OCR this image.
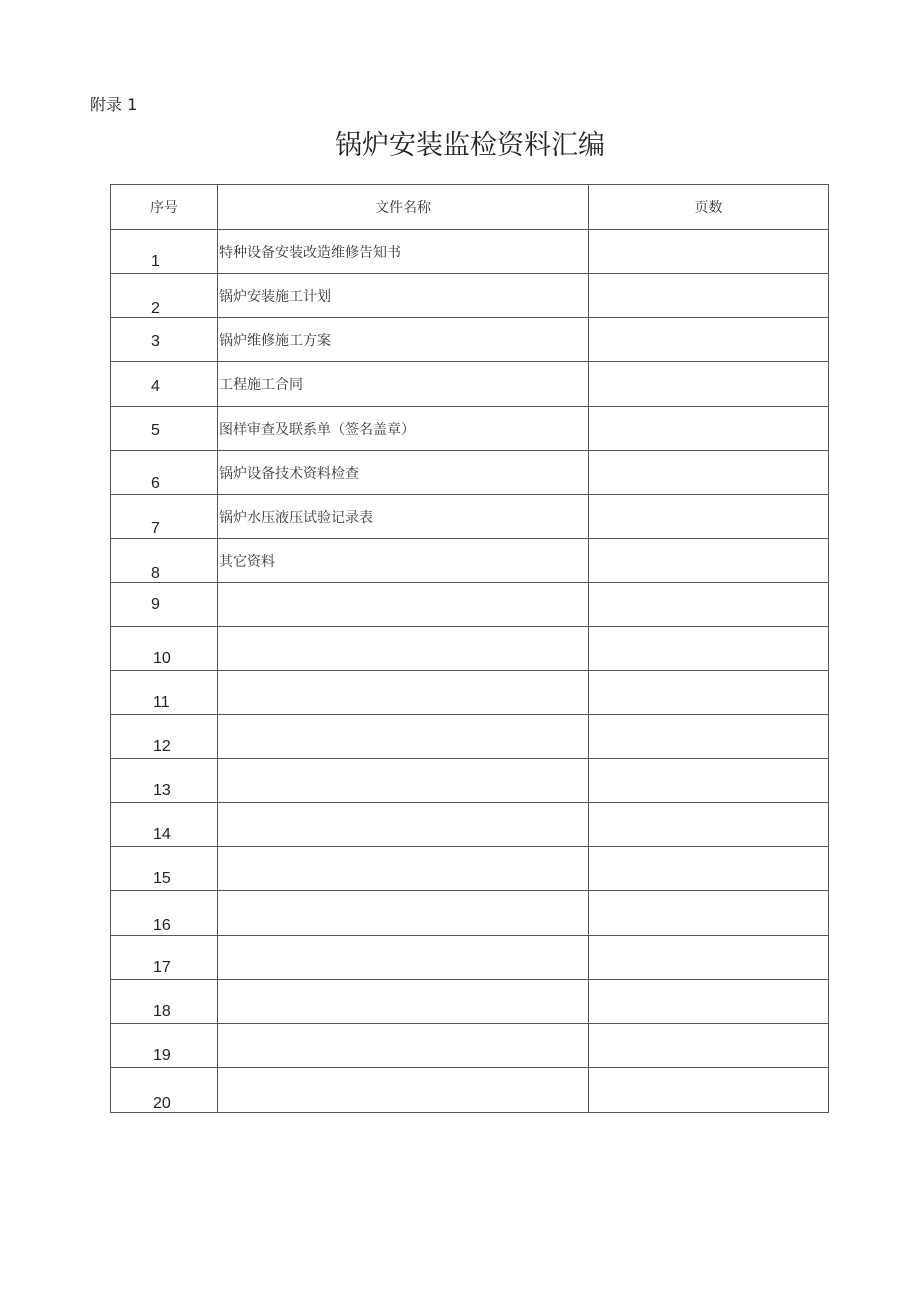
附录 1
锅炉安装监检资料汇编
序号	文件名称	页数

1	特种设备安装改造维修告知书	

2	锅炉安装施工计划	

3	锅炉维修施工方案	

4	工程施工合同	

5	图样审查及联系单（签名盖章）	

6	锅炉设备技术资料检查	

7	锅炉水压液压试验记录表	

8	其它资料	

9		

10		

11		

12		

13		

14		

15		

16		

17		

18		

19		

20		
